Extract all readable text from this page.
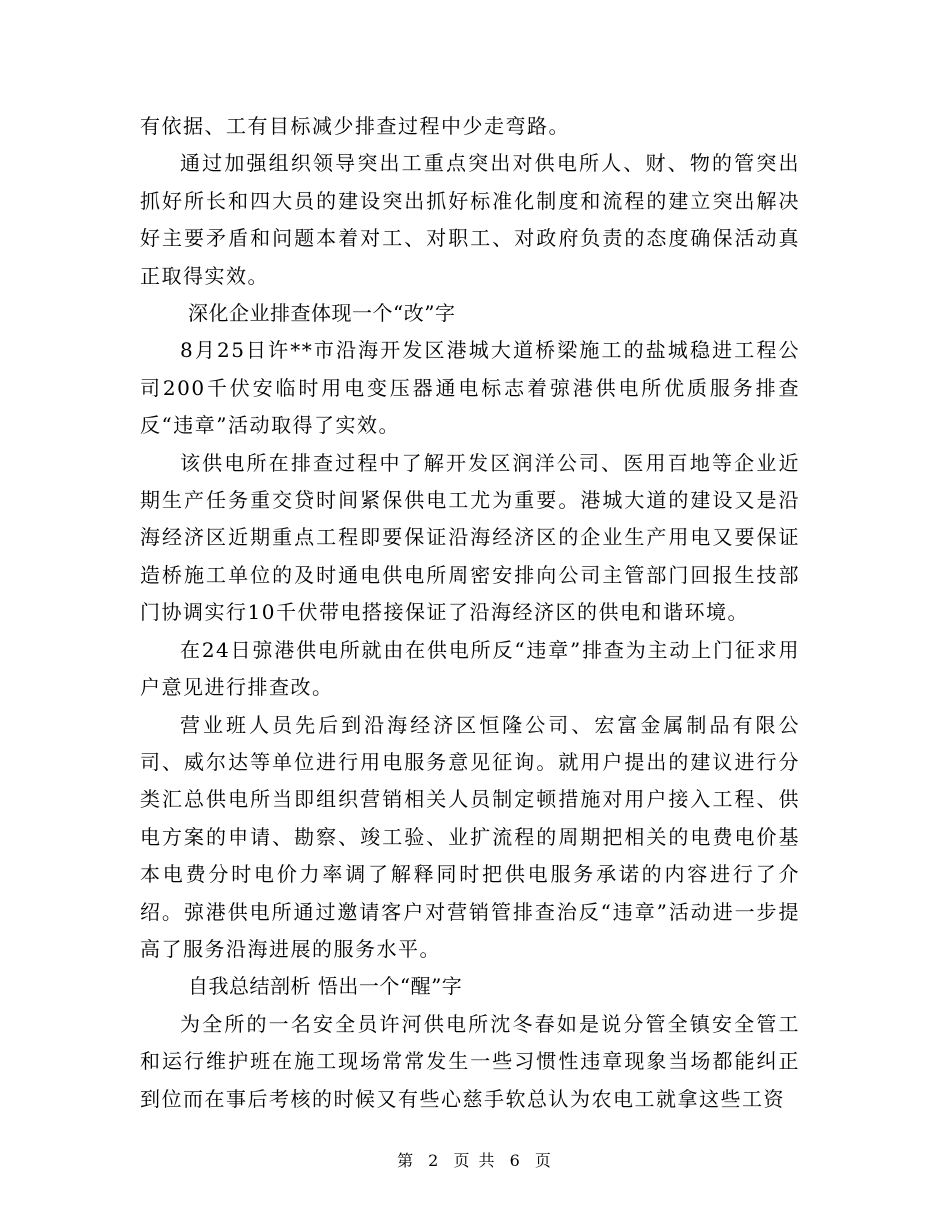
有依据、工有目标减少排查过程中少走弯路。

通过加强组织领导突出工重点突出对供电所人、财、物的管突出抓好所长和四大员的建设突出抓好标准化制度和流程的建立突出解决好主要矛盾和问题本着对工、对职工、对政府负责的态度确保活动真正取得实效。

深化企业排查体现一个“改”字

8月25日许**市沿海开发区港城大道桥梁施工的盐城稳进工程公司200千伏安临时用电变压器通电标志着弶港供电所优质服务排查反“违章”活动取得了实效。

该供电所在排查过程中了解开发区润洋公司、医用百地等企业近期生产任务重交贷时间紧保供电工尤为重要。港城大道的建设又是沿海经济区近期重点工程即要保证沿海经济区的企业生产用电又要保证造桥施工单位的及时通电供电所周密安排向公司主管部门回报生技部门协调实行10千伏带电搭接保证了沿海经济区的供电和谐环境。

在24日弶港供电所就由在供电所反“违章”排查为主动上门征求用户意见进行排查改。

营业班人员先后到沿海经济区恒隆公司、宏富金属制品有限公司、威尔达等单位进行用电服务意见征询。就用户提出的建议进行分类汇总供电所当即组织营销相关人员制定顿措施对用户接入工程、供电方案的申请、勘察、竣工验、业扩流程的周期把相关的电费电价基本电费分时电价力率调了解释同时把供电服务承诺的内容进行了介绍。弶港供电所通过邀请客户对营销管排查治反“违章”活动进一步提高了服务沿海进展的服务水平。

自我总结剖析 悟出一个“醒”字

为全所的一名安全员许河供电所沈冬春如是说分管全镇安全管工和运行维护班在施工现场常常发生一些习惯性违章现象当场都能纠正到位而在事后考核的时候又有些心慈手软总认为农电工就拿这些工资

第 2 页 共 6 页
